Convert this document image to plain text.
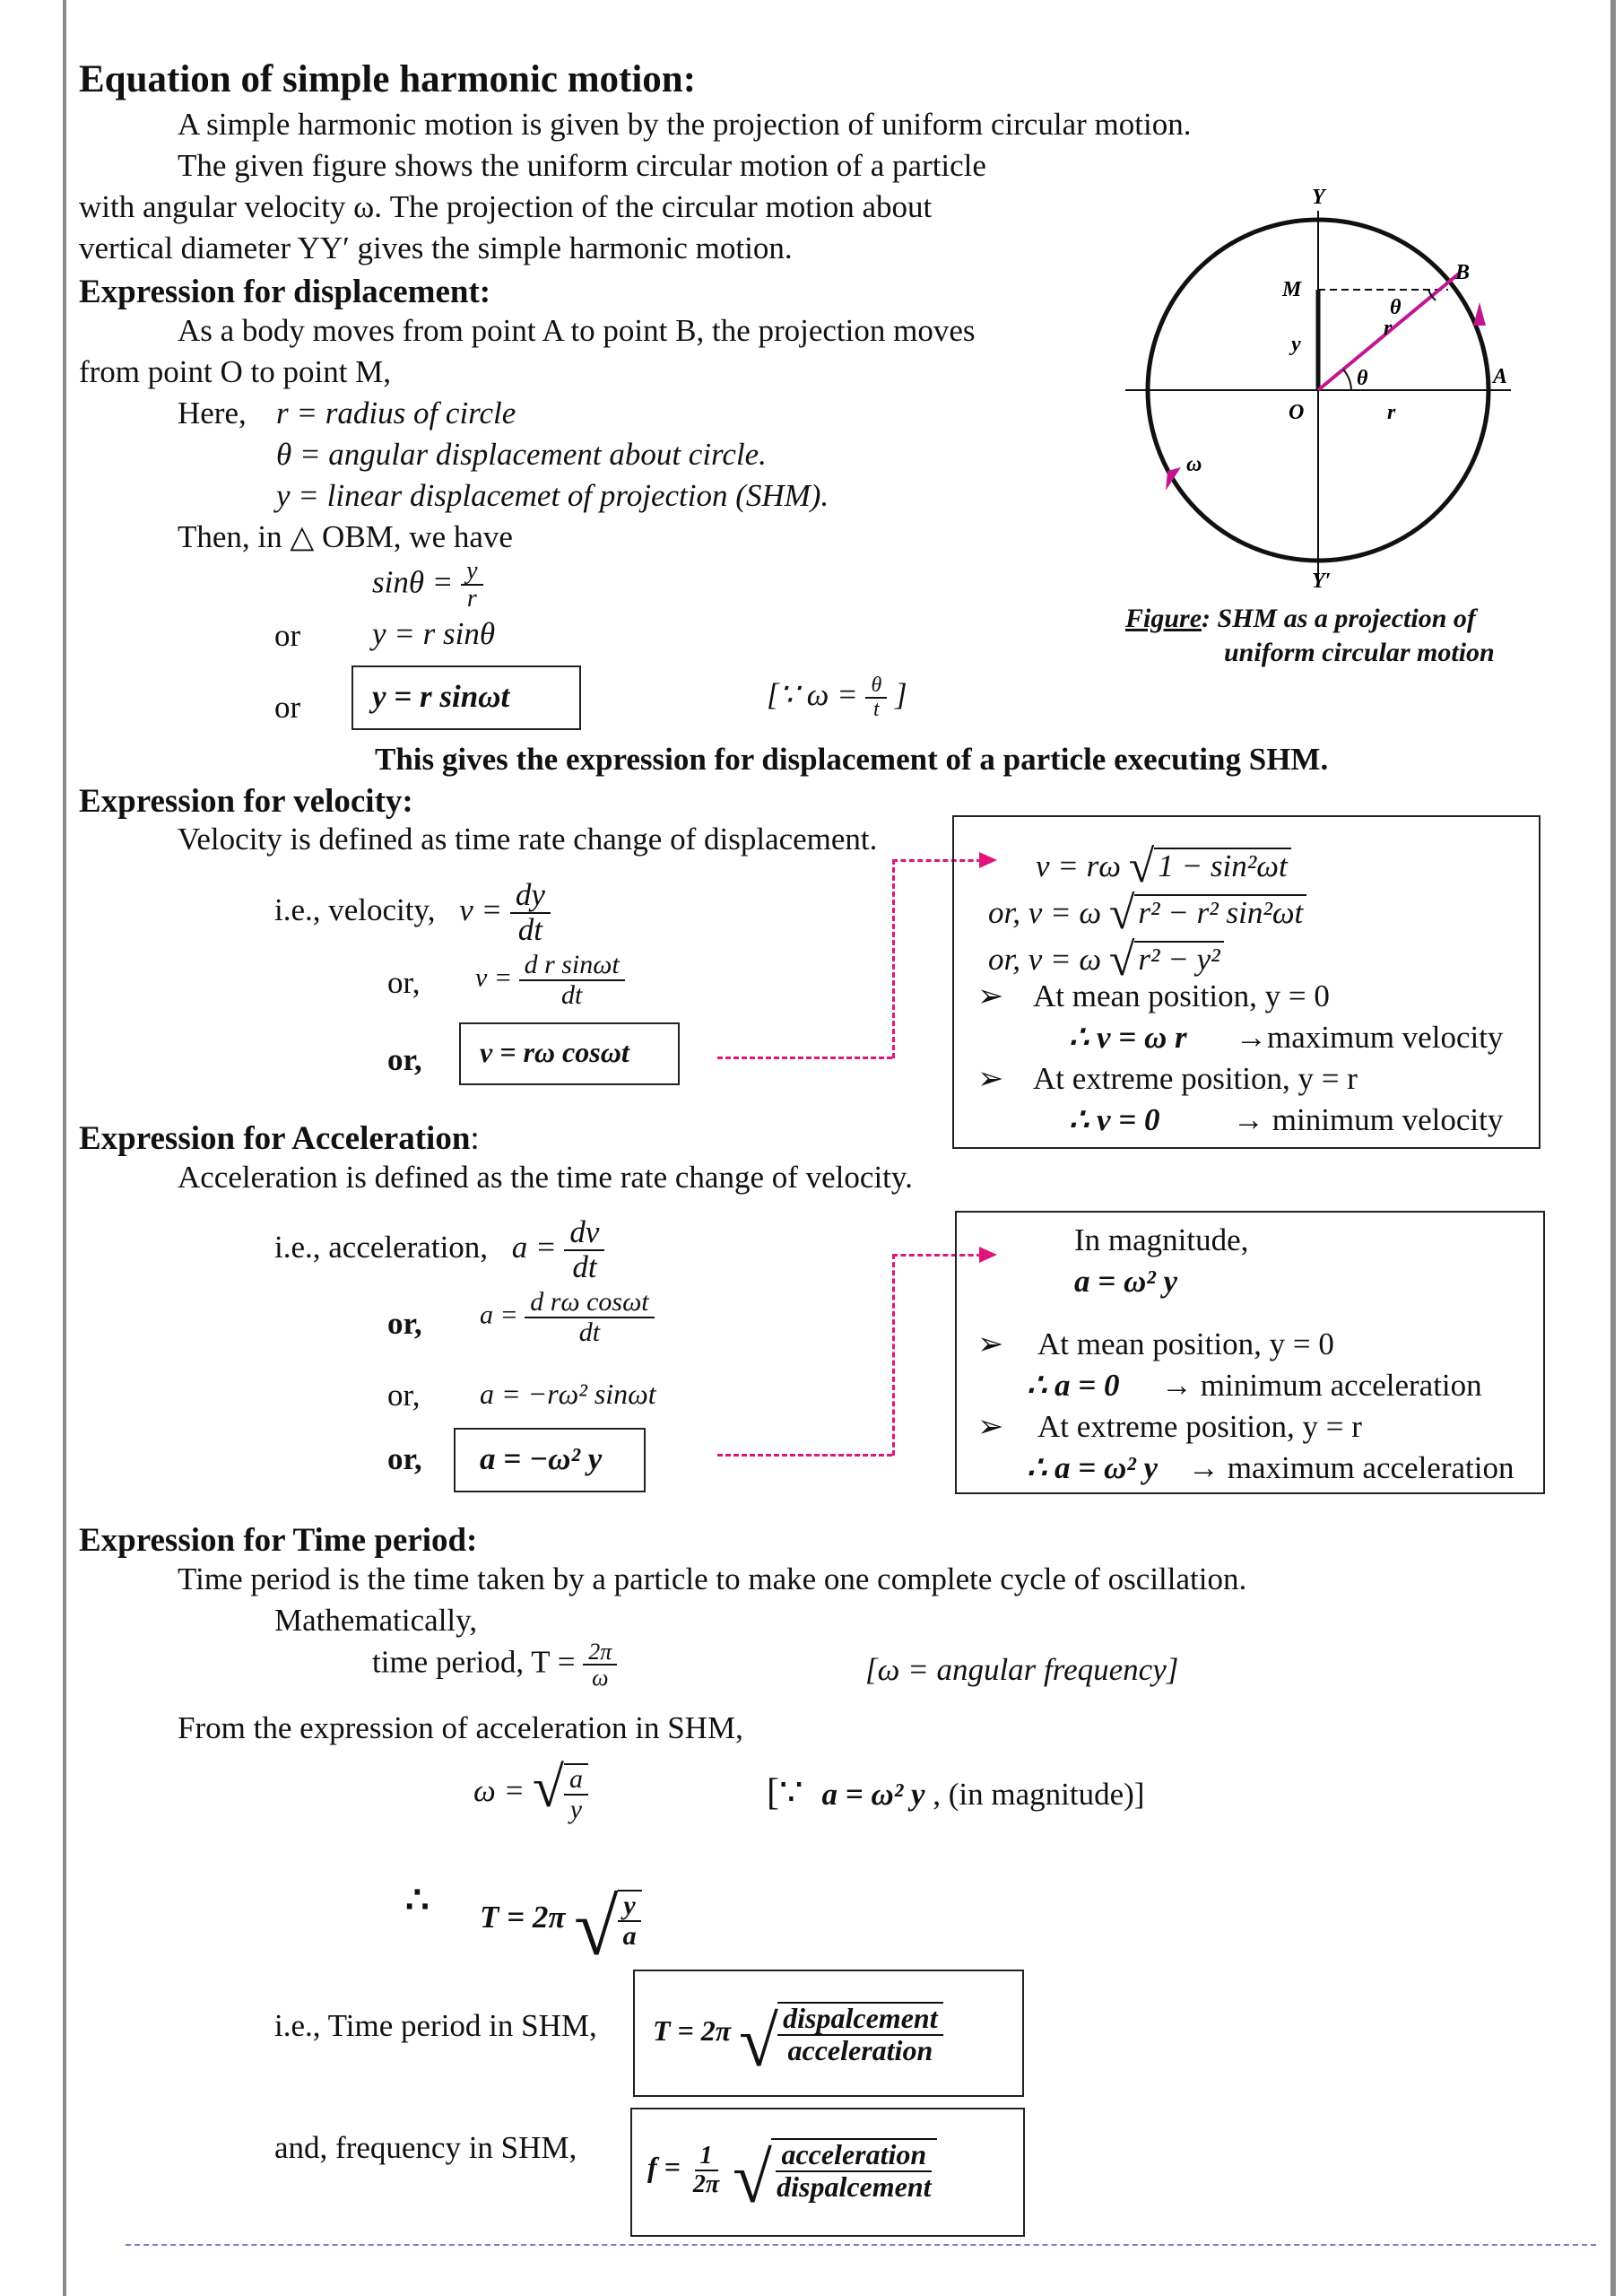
Equation of simple harmonic motion:
A simple harmonic motion is given by the projection of uniform circular motion.
The given figure shows the uniform circular motion of a particle
with angular velocity ω. The projection of the circular motion about
vertical diameter YY′ gives the simple harmonic motion.
Expression for displacement:
As a body moves from point A to point B, the projection moves
from point O to point M,
Here, r = radius of circle
θ = angular displacement about circle.
y = linear displacemet of projection (SHM).
Then, in △ OBM, we have
$\sin\theta = \frac{y}{r}$
or y = r sinθ
or y = r sinωt	[∵ $\omega = \frac{\theta}{t}$ ]
This gives the expression for displacement of a particle executing SHM.
Y
Y′
M
B
A
O
y
r
r
θ
θ
ω
Figure: SHM as a projection of
uniform circular motion
Expression for velocity:
Velocity is defined as time rate change of displacement.
i.e., velocity, $v = \frac{dy}{dt}$
or, $v = \frac{\text{d r sinωt}}{dt}$
or, v = rω cosωt
v = rω √ 1 − sin²ωt
or, v = ω √ r² − r² sin²ωt
or, v = ω √ r² − y²
➢ At mean position, y = 0
∴ v = ω r →maximum velocity
➢ At extreme position, y = r
∴ v = 0 → minimum velocity
Expression for Acceleration:
Acceleration is defined as the time rate change of velocity.
i.e., acceleration, $a = \frac{dv}{dt}$
or, $a = \frac{\text{d rω cosωt}}{dt}$
or, a = −rω² sinωt
or, a = −ω² y
In magnitude,
a = ω² y
➢ At mean position, y = 0
∴ a = 0 → minimum acceleration
➢ At extreme position, y = r
∴ a = ω² y → maximum acceleration
Expression for Time period:
Time period is the time taken by a particle to make one complete cycle of oscillation.
Mathematically,
time period, $T = \frac{2\pi}{\omega}$	[ω = angular frequency]
From the expression of acceleration in SHM,
ω = √ $\frac{a}{y}$	[∵ a = ω² y , (in magnitude)]
∴ T = 2π √ $\frac{y}{a}$
i.e., Time period in SHM, T = 2π √ $\frac{\text{dispalcement}}{\text{acceleration}}$
and, frequency in SHM,
$f = \frac{1}{2\pi}$ √ $\frac{\text{acceleration}}{\text{dispalcement}}$
